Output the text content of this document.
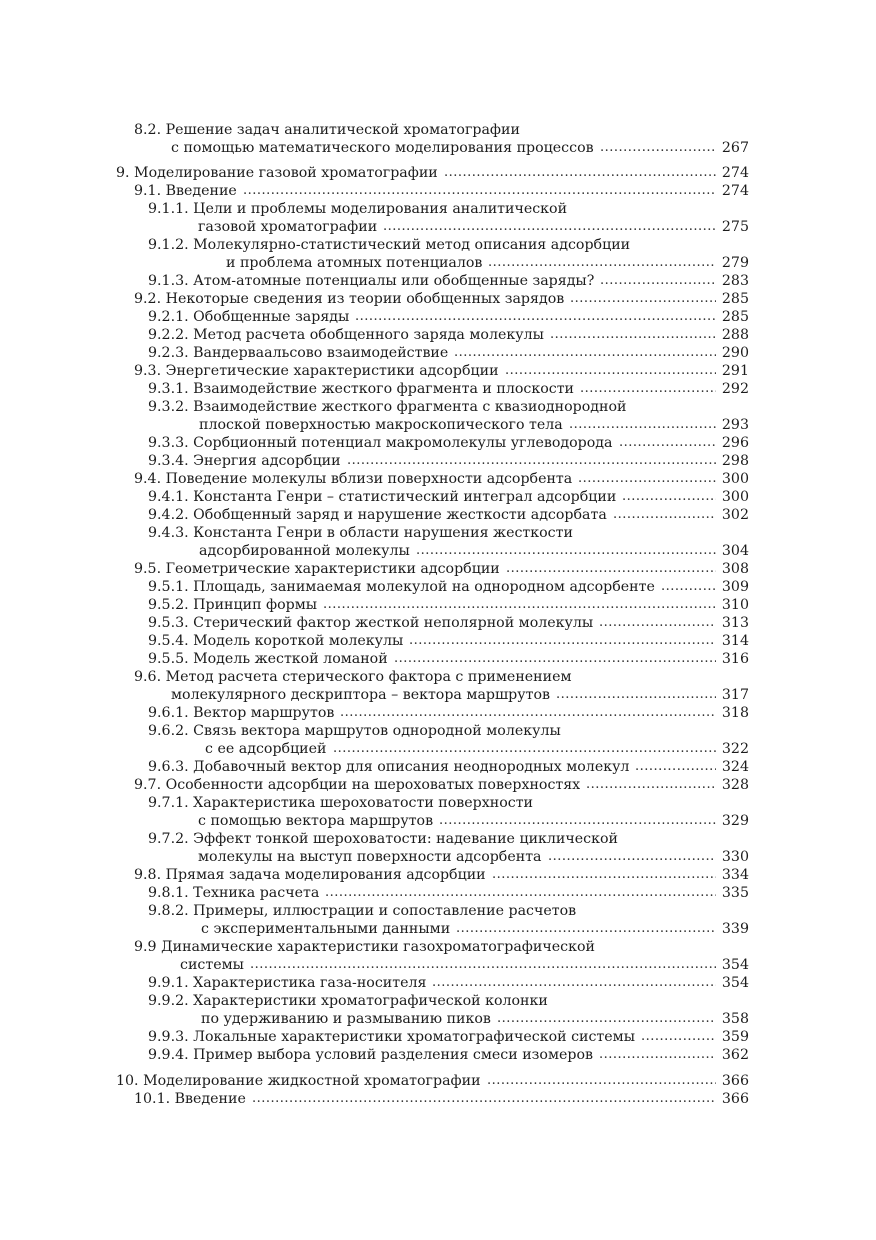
8.2. Решение задач аналитической хроматографии
с помощью математического моделирования процессов	267
.....
9. Моделирование газовой хроматографии	274
.....
9.1. Введение	274
.....
9.1.1. Цели и проблемы моделирования аналитической
газовой хроматографии	275
.....
9.1.2. Молекулярно-статистический метод описания адсорбции
и проблема атомных потенциалов	279
.....
9.1.3. Атом-атомные потенциалы или обобщенные заряды?	283
.....
9.2. Некоторые сведения из теории обобщенных зарядов	285
.....
9.2.1. Обобщенные заряды	285
.....
9.2.2. Метод расчета обобщенного заряда молекулы	288
.....
9.2.3. Вандерваальсово взаимодействие	290
.....
9.3. Энергетические характеристики адсорбции	291
.....
9.3.1. Взаимодействие жесткого фрагмента и плоскости	292
.....
9.3.2. Взаимодействие жесткого фрагмента с квазиоднородной
плоской поверхностью макроскопического тела	293
.....
9.3.3. Сорбционный потенциал макромолекулы углеводорода	296
.....
9.3.4. Энергия адсорбции	298
.....
9.4. Поведение молекулы вблизи поверхности адсорбента	300
.....
9.4.1. Константа Генри – статистический интеграл адсорбции	300
.....
9.4.2. Обобщенный заряд и нарушение жесткости адсорбата	302
.....
9.4.3. Константа Генри в области нарушения жесткости
адсорбированной молекулы	304
.....
9.5. Геометрические характеристики адсорбции	308
.....
9.5.1. Площадь, занимаемая молекулой на однородном адсорбенте	309
.....
9.5.2. Принцип формы	310
.....
9.5.3. Стерический фактор жесткой неполярной молекулы	313
.....
9.5.4. Модель короткой молекулы	314
.....
9.5.5. Модель жесткой ломаной	316
.....
9.6. Метод расчета стерического фактора с применением
молекулярного дескриптора – вектора маршрутов	317
.....
9.6.1. Вектор маршрутов	318
.....
9.6.2. Связь вектора маршрутов однородной молекулы
с ее адсорбцией	322
.....
9.6.3. Добавочный вектор для описания неоднородных молекул	324
.....
9.7. Особенности адсорбции на шероховатых поверхностях	328
.....
9.7.1. Характеристика шероховатости поверхности
с помощью вектора маршрутов	329
.....
9.7.2. Эффект тонкой шероховатости: надевание циклической
молекулы на выступ поверхности адсорбента	330
.....
9.8. Прямая задача моделирования адсорбции	334
.....
9.8.1. Техника расчета	335
.....
9.8.2. Примеры, иллюстрации и сопоставление расчетов
с экспериментальными данными	339
.....
9.9 Динамические характеристики газохроматографической
системы	354
.....
9.9.1. Характеристика газа-носителя	354
.....
9.9.2. Характеристики хроматографической колонки
по удерживанию и размыванию пиков	358
.....
9.9.3. Локальные характеристики хроматографической системы	359
.....
9.9.4. Пример выбора условий разделения смеси изомеров	362
.....
10. Моделирование жидкостной хроматографии	366
.....
10.1. Введение	366
.....
